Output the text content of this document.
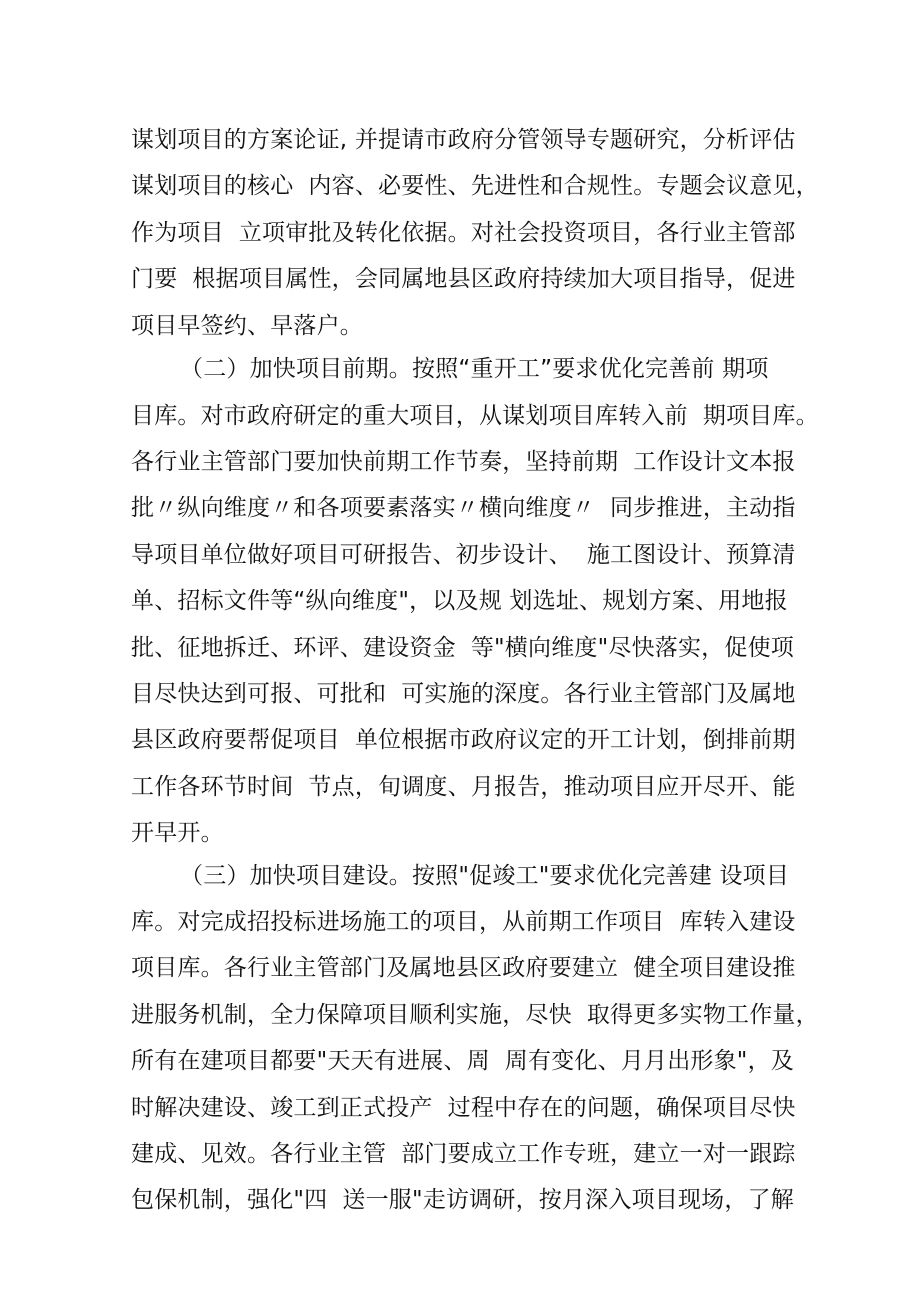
谋划项目的方案论证, 并提请市政府分管领导专题研究，分析评估
谋划项目的核心  内容、必要性、先进性和合规性。专题会议意见，
作为项目  立项审批及转化依据。对社会投资项目，各行业主管部
门要  根据项目属性，会同属地县区政府持续加大项目指导，促进
项目早签约、早落户。
（二）加快项目前期。按照“重开工”要求优化完善前 期项
目库。对市政府研定的重大项目，从谋划项目库转入前  期项目库。
各行业主管部门要加快前期工作节奏，坚持前期  工作设计文本报
批〃纵向维度〃和各项要素落实〃横向维度〃  同步推进，主动指
导项目单位做好项目可研报告、初步设计、  施工图设计、预算清
单、招标文件等“纵向维度"，以及规 划选址、规划方案、用地报
批、征地拆迁、环评、建设资金  等"横向维度"尽快落实，促使项
目尽快达到可报、可批和  可实施的深度。各行业主管部门及属地
县区政府要帮促项目  单位根据市政府议定的开工计划，倒排前期
工作各环节时间  节点，旬调度、月报告，推动项目应开尽开、能
开早开。
（三）加快项目建设。按照"促竣工"要求优化完善建 设项目
库。对完成招投标进场施工的项目，从前期工作项目  库转入建设
项目库。各行业主管部门及属地县区政府要建立  健全项目建设推
进服务机制，全力保障项目顺利实施，尽快  取得更多实物工作量，
所有在建项目都要"天天有进展、周  周有变化、月月出形象"，及
时解决建设、竣工到正式投产  过程中存在的问题，确保项目尽快
建成、见效。各行业主管  部门要成立工作专班，建立一对一跟踪
包保机制，强化"四  送一服"走访调研，按月深入项目现场，了解
